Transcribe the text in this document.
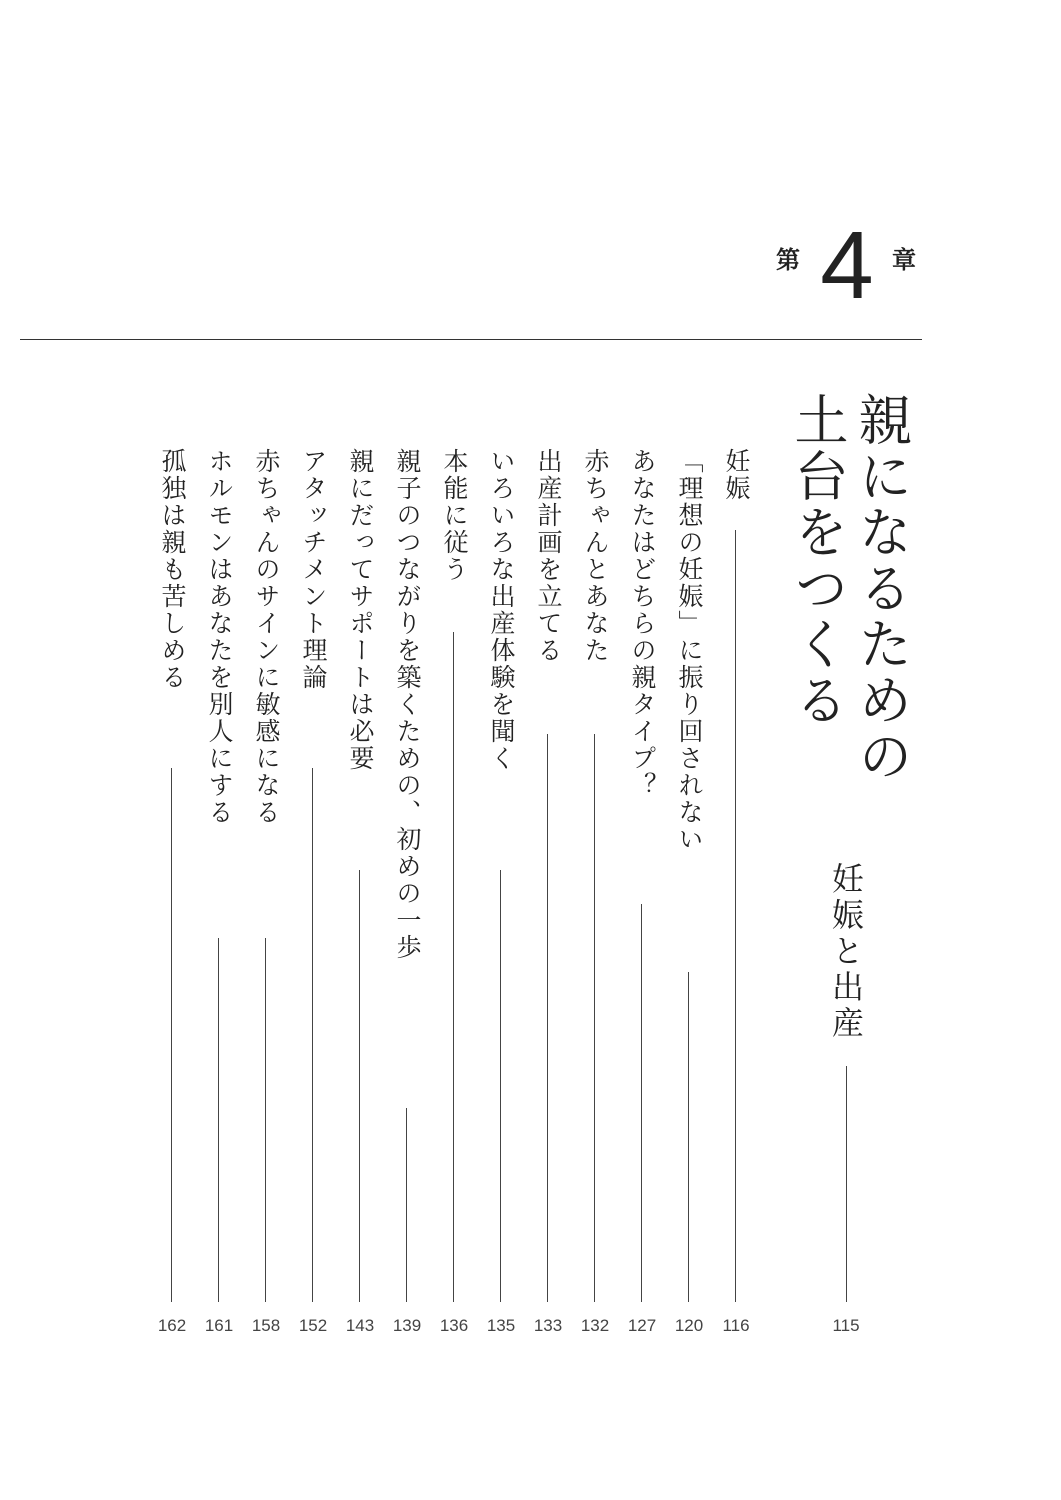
第 4 章
親になるための
土台をつくる
妊娠と出産
115
妊娠
116
「理想の妊娠」に振り回されない
120
あなたはどちらの親タイプ？
127
赤ちゃんとあなた
132
出産計画を立てる
133
いろいろな出産体験を聞く
135
本能に従う
136
親子のつながりを築くための、初めの一歩
139
親にだってサポートは必要
143
アタッチメント理論
152
赤ちゃんのサインに敏感になる
158
ホルモンはあなたを別人にする
161
孤独は親も苦しめる
162
